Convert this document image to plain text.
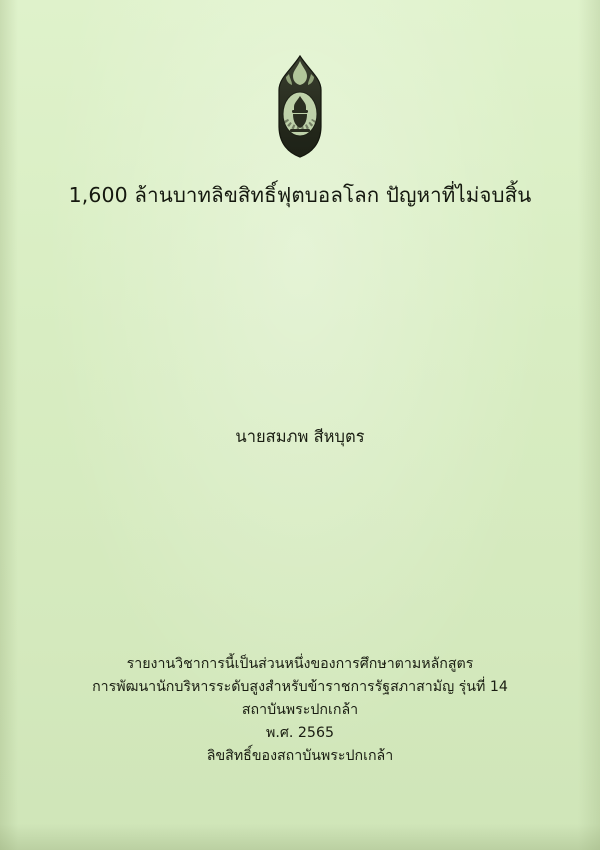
1,600 ล้านบาทลิขสิทธิ์ฟุตบอลโลก ปัญหาที่ไม่จบสิ้น
นายสมภพ สีหบุตร
รายงานวิชาการนี้เป็นส่วนหนึ่งของการศึกษาตามหลักสูตร
การพัฒนานักบริหารระดับสูงสำหรับข้าราชการรัฐสภาสามัญ รุ่นที่ 14
สถาบันพระปกเกล้า
พ.ศ. 2565
ลิขสิทธิ์ของสถาบันพระปกเกล้า
